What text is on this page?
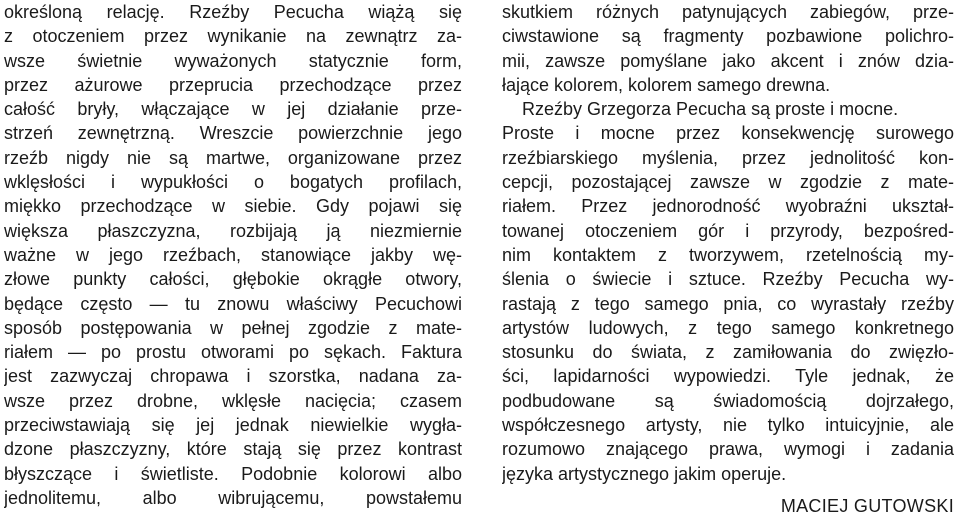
określoną relację. Rzeźby Pecucha wiążą się
z otoczeniem przez wynikanie na zewnątrz za-
wsze świetnie wyważonych statycznie form,
przez ażurowe przeprucia przechodzące przez
całość bryły, włączające w jej działanie prze-
strzeń zewnętrzną. Wreszcie powierzchnie jego
rzeźb nigdy nie są martwe, organizowane przez
wklęsłości i wypukłości o bogatych profilach,
miękko przechodzące w siebie. Gdy pojawi się
większa płaszczyzna, rozbijają ją niezmiernie
ważne w jego rzeźbach, stanowiące jakby wę-
złowe punkty całości, głębokie okrągłe otwory,
będące często — tu znowu właściwy Pecuchowi
sposób postępowania w pełnej zgodzie z mate-
riałem — po prostu otworami po sękach. Faktura
jest zazwyczaj chropawa i szorstka, nadana za-
wsze przez drobne, wklęsłe nacięcia; czasem
przeciwstawiają się jej jednak niewielkie wygła-
dzone płaszczyzny, które stają się przez kontrast
błyszczące i świetliste. Podobnie kolorowi albo
jednolitemu, albo wibrującemu, powstałemu
skutkiem różnych patynujących zabiegów, prze-
ciwstawione są fragmenty pozbawione polichro-
mii, zawsze pomyślane jako akcent i znów dzia-
łające kolorem, kolorem samego drewna.
Rzeźby Grzegorza Pecucha są proste i mocne.
Proste i mocne przez konsekwencję surowego
rzeźbiarskiego myślenia, przez jednolitość kon-
cepcji, pozostającej zawsze w zgodzie z mate-
riałem. Przez jednorodność wyobraźni ukształ-
towanej otoczeniem gór i przyrody, bezpośred-
nim kontaktem z tworzywem, rzetelnością my-
ślenia o świecie i sztuce. Rzeźby Pecucha wy-
rastają z tego samego pnia, co wyrastały rzeźby
artystów ludowych, z tego samego konkretnego
stosunku do świata, z zamiłowania do zwięzło-
ści, lapidarności wypowiedzi. Tyle jednak, że
podbudowane są świadomością dojrzałego,
współczesnego artysty, nie tylko intuicyjnie, ale
rozumowo znającego prawa, wymogi i zadania
języka artystycznego jakim operuje.
MACIEJ GUTOWSKI
